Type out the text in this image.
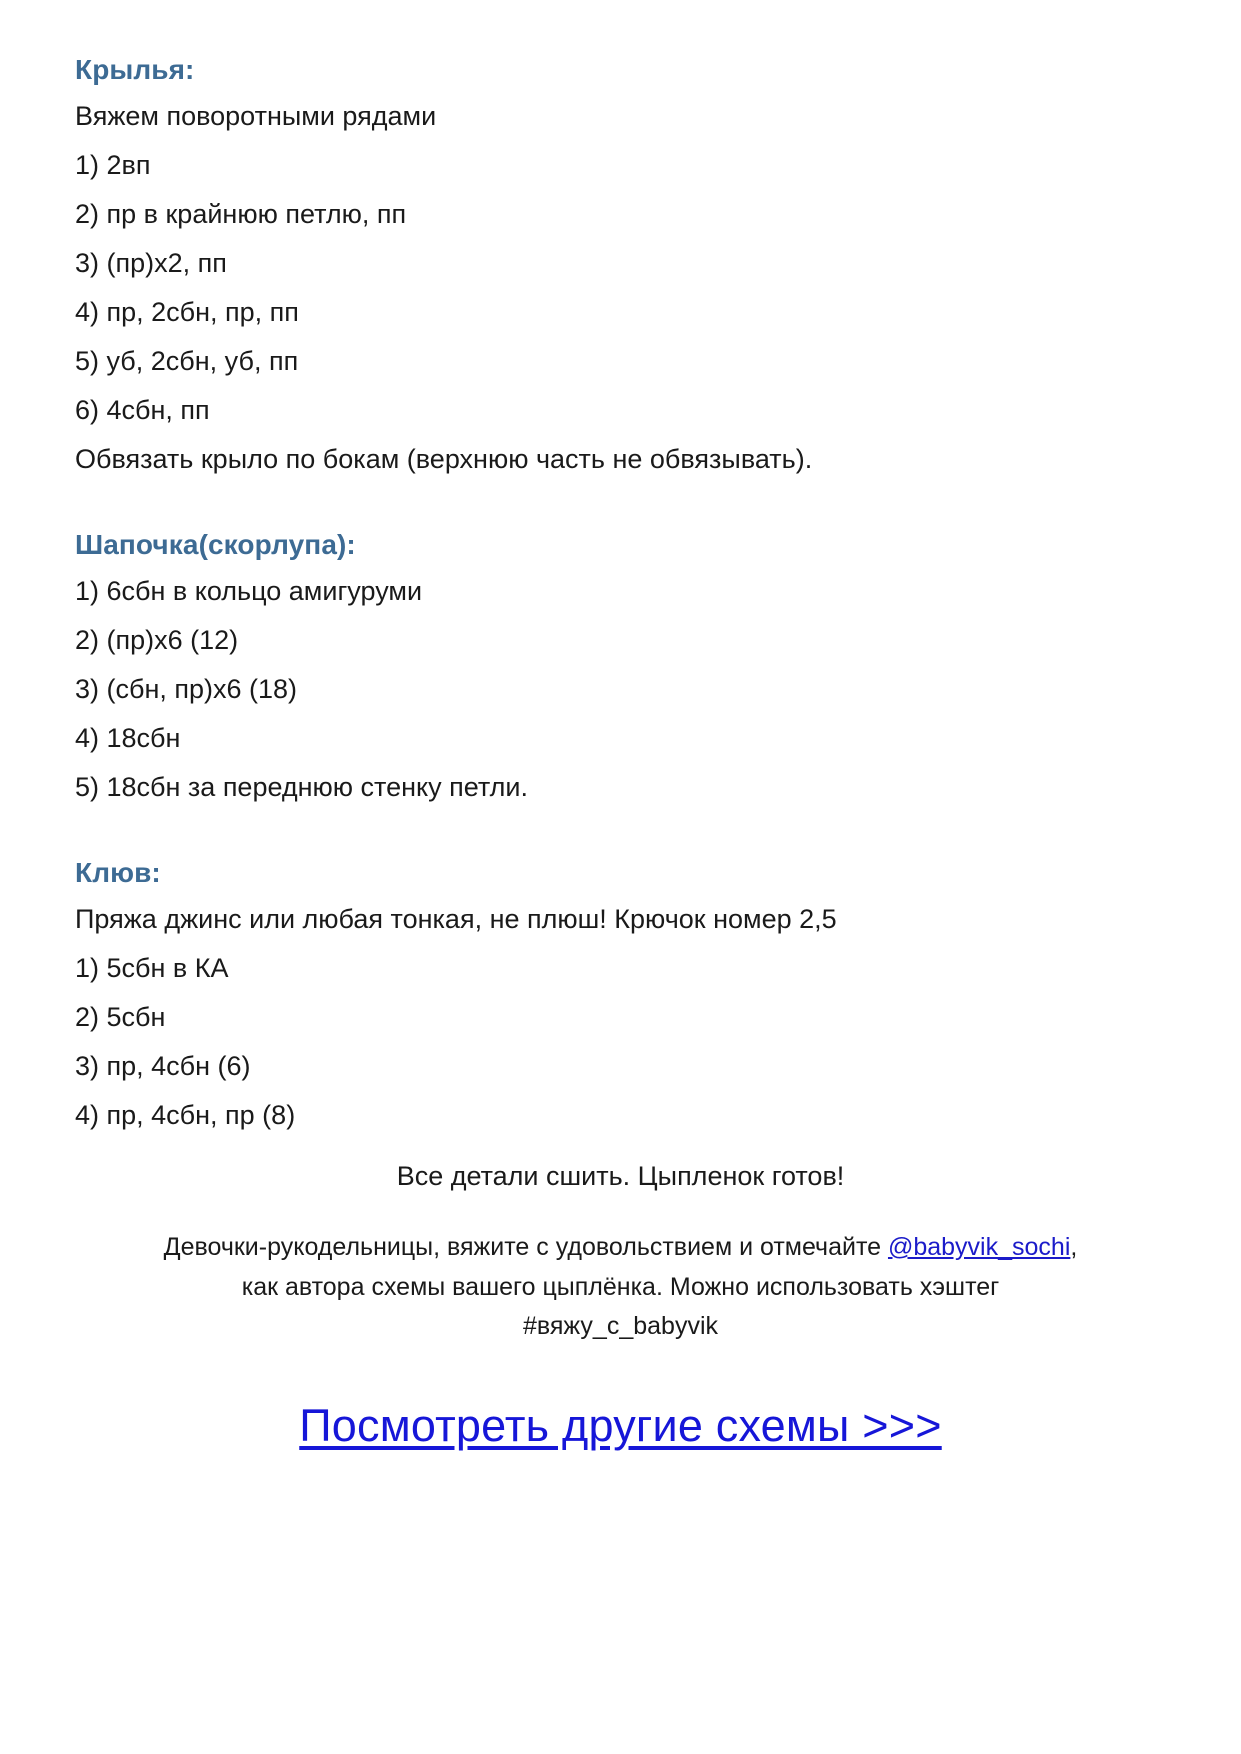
Крылья:
Вяжем поворотными рядами
1) 2вп
2) пр в крайнюю петлю, пп
3) (пр)х2, пп
4) пр, 2сбн, пр, пп
5) уб, 2сбн, уб, пп
6) 4сбн, пп
Обвязать крыло по бокам (верхнюю часть не обвязывать).
Шапочка(скорлупа):
1) 6сбн в кольцо амигуруми
2) (пр)х6 (12)
3) (сбн, пр)х6 (18)
4) 18сбн
5) 18сбн за переднюю стенку петли.
Клюв:
Пряжа джинс или любая тонкая, не плюш! Крючок номер 2,5
1) 5сбн в КА
2) 5сбн
3) пр, 4сбн (6)
4) пр, 4сбн, пр (8)
Все детали сшить. Цыпленок готов!
Девочки-рукодельницы, вяжите с удовольствием и отмечайте @babyvik_sochi,
как автора схемы вашего цыплёнка. Можно использовать хэштег
#вяжу_c_babyvik
Посмотреть другие схемы >>>
